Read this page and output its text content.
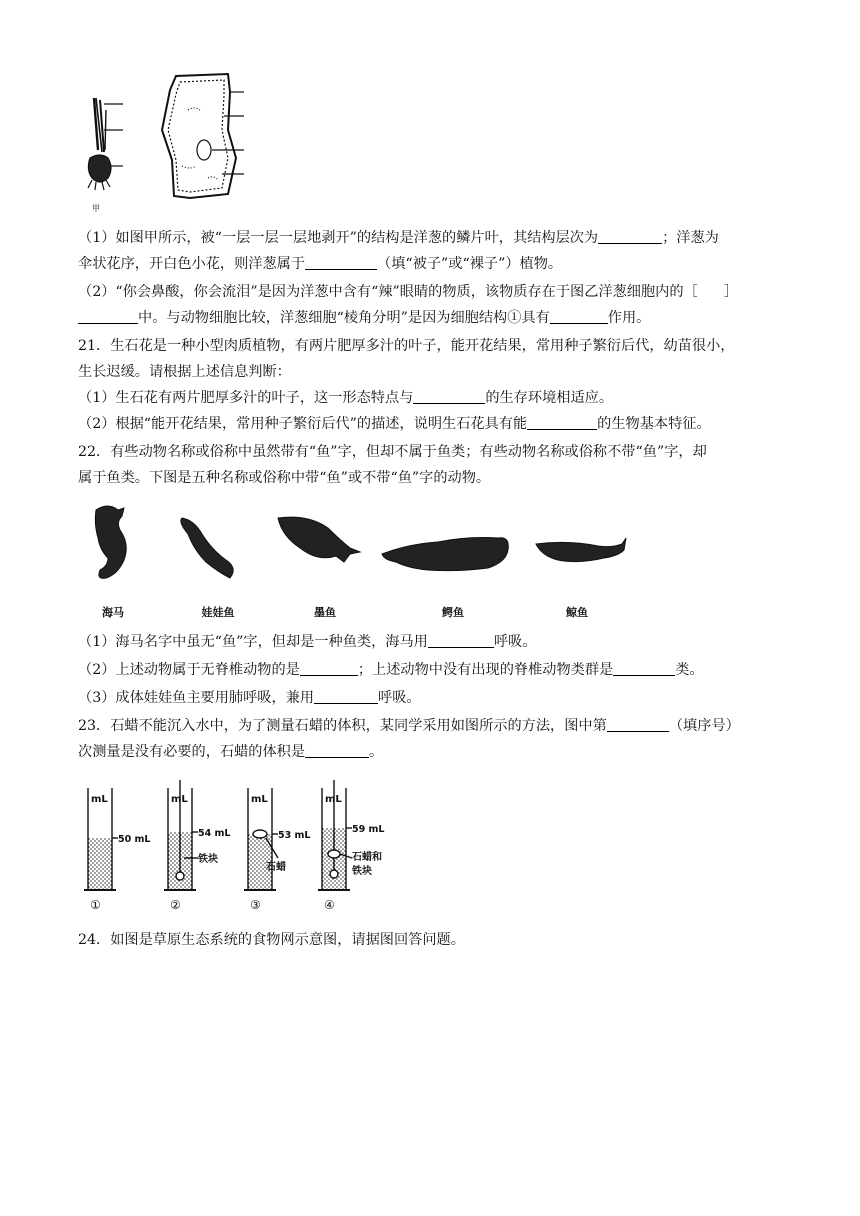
甲
（1）如图甲所示，被“一层一层一层地剥开”的结构是洋葱的鳞片叶，其结构层次为	；洋葱为
伞状花序，开白色小花，则洋葱属于	（填“被子”或“裸子”）植物。
（2）“你会鼻酸，你会流泪”是因为洋葱中含有“辣”眼睛的物质，该物质存在于图乙洋葱细胞内的［ ］
中。与动物细胞比较，洋葱细胞“棱角分明”是因为细胞结构①具有	作用。
21．生石花是一种小型肉质植物，有两片肥厚多汁的叶子，能开花结果，常用种子繁衍后代，幼苗很小，
生长迟缓。请根据上述信息判断：
（1）生石花有两片肥厚多汁的叶子，这一形态特点与	的生存环境相适应。
（2）根据“能开花结果，常用种子繁衍后代”的描述，说明生石花具有能	的生物基本特征。
22．有些动物名称或俗称中虽然带有“鱼”字，但却不属于鱼类；有些动物名称或俗称不带“鱼”字，却
属于鱼类。下图是五种名称或俗称中带“鱼”或不带“鱼”字的动物。
海马	娃娃鱼	墨鱼	鳄鱼	鲸鱼
（1）海马名字中虽无“鱼”字，但却是一种鱼类，海马用	呼吸。
（2）上述动物属于无脊椎动物的是	；上述动物中没有出现的脊椎动物类群是	类。
（3）成体娃娃鱼主要用肺呼吸，兼用	呼吸。
23．石蜡不能沉入水中，为了测量石蜡的体积，某同学采用如图所示的方法，图中第	（填序号）
次测量是没有必要的，石蜡的体积是	。
mL
50 mL
①
mL
54 mL
铁块
②
mL
53 mL
石蜡
③
mL
59 mL
石蜡和
铁块
④
24．如图是草原生态系统的食物网示意图，请据图回答问题。
